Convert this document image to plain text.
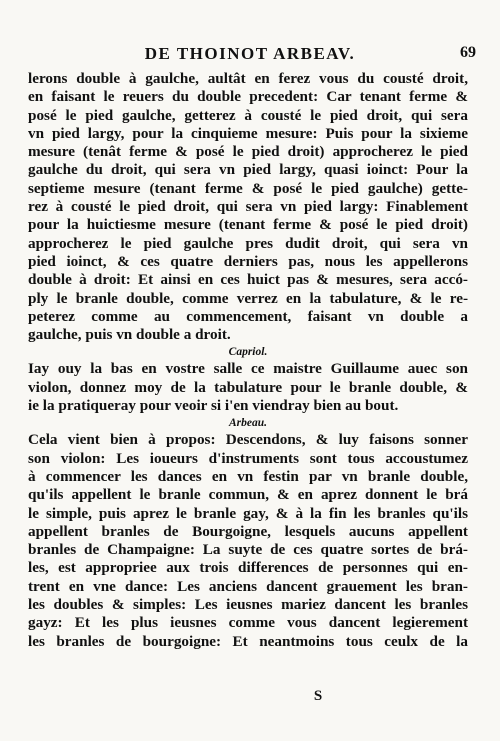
DE THOINOT ARBEAV.	69
lerons double à gaulche, aultât en ferez vous du cousté droit,
en faisant le reuers du double precedent: Car tenant ferme &
posé le pied gaulche, getterez à cousté le pied droit, qui sera
vn pied largy, pour la cinquieme mesure: Puis pour la sixieme
mesure (tenât ferme & posé le pied droit) approcherez le pied
gaulche du droit, qui sera vn pied largy, quasi ioinct: Pour la
septieme mesure (tenant ferme & posé le pied gaulche) gette-
rez à cousté le pied droit, qui sera vn pied largy: Finablement
pour la huictiesme mesure (tenant ferme & posé le pied droit)
approcherez le pied gaulche pres dudit droit, qui sera vn
pied ioinct, & ces quatre derniers pas, nous les appellerons
double à droit: Et ainsi en ces huict pas & mesures, sera accó-
ply le branle double, comme verrez en la tabulature, & le re-
peterez comme au commencement, faisant vn double a
gaulche, puis vn double a droit.
Capriol.
Iay ouy la bas en vostre salle ce maistre Guillaume auec son
violon, donnez moy de la tabulature pour le branle double, &
ie la pratiqueray pour veoir si i'en viendray bien au bout.
Arbeau.
Cela vient bien à propos: Descendons, & luy faisons sonner
son violon: Les ioueurs d'instruments sont tous accoustumez
à commencer les dances en vn festin par vn branle double,
qu'ils appellent le branle commun, & en aprez donnent le brá
le simple, puis aprez le branle gay, & à la fin les branles qu'ils
appellent branles de Bourgoigne, lesquels aucuns appellent
branles de Champaigne: La suyte de ces quatre sortes de brá-
les, est appropriee aux trois differences de personnes qui en-
trent en vne dance: Les anciens dancent grauement les bran-
les doubles & simples: Les ieusnes mariez dancent les branles
gayz: Et les plus ieusnes comme vous dancent legierement
les branles de bourgoigne: Et neantmoins tous ceulx de la
S
